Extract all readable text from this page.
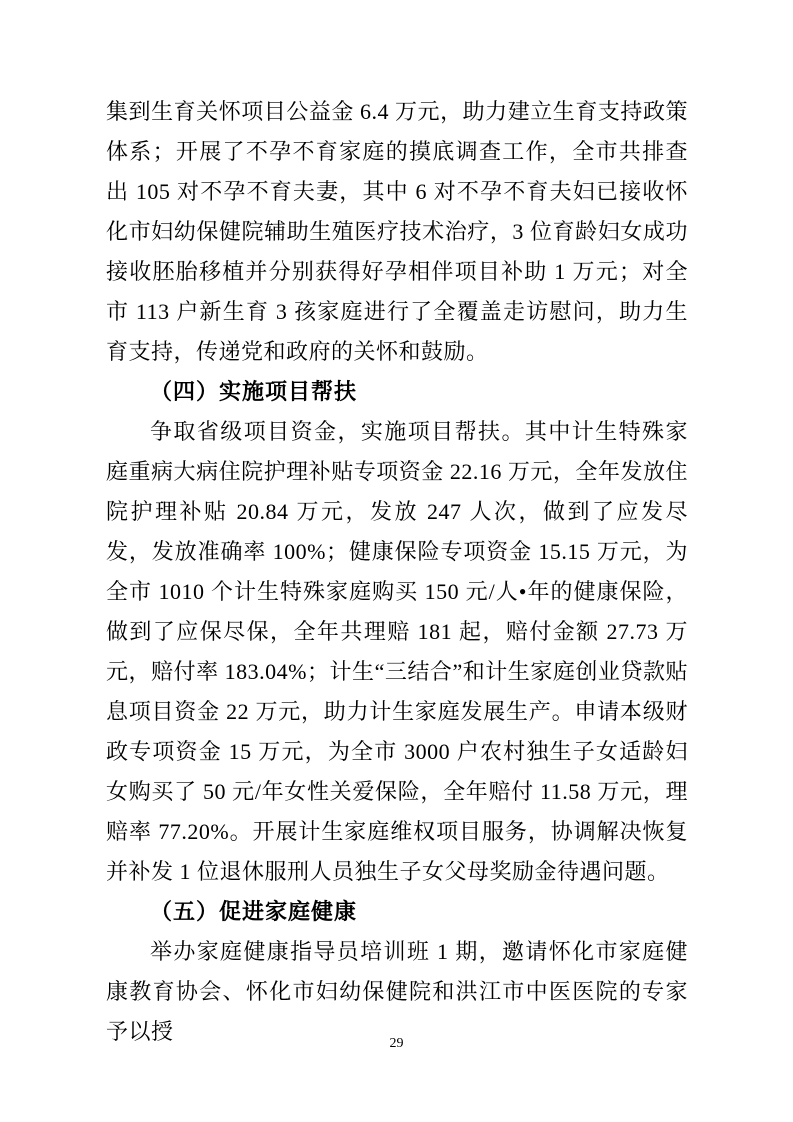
集到生育关怀项目公益金 6.4 万元，助力建立生育支持政策体系；开展了不孕不育家庭的摸底调查工作，全市共排查出 105 对不孕不育夫妻，其中 6 对不孕不育夫妇已接收怀化市妇幼保健院辅助生殖医疗技术治疗，3 位育龄妇女成功接收胚胎移植并分别获得好孕相伴项目补助 1 万元；对全市 113 户新生育 3 孩家庭进行了全覆盖走访慰问，助力生育支持，传递党和政府的关怀和鼓励。

（四）实施项目帮扶

争取省级项目资金，实施项目帮扶。其中计生特殊家庭重病大病住院护理补贴专项资金 22.16 万元，全年发放住院护理补贴 20.84 万元，发放 247 人次，做到了应发尽发，发放准确率 100%；健康保险专项资金 15.15 万元，为全市 1010 个计生特殊家庭购买 150 元/人•年的健康保险，做到了应保尽保，全年共理赔 181 起，赔付金额 27.73 万元，赔付率 183.04%；计生“三结合”和计生家庭创业贷款贴息项目资金 22 万元，助力计生家庭发展生产。申请本级财政专项资金 15 万元，为全市 3000 户农村独生子女适龄妇女购买了 50 元/年女性关爱保险，全年赔付 11.58 万元，理赔率 77.20%。开展计生家庭维权项目服务，协调解决恢复并补发 1 位退休服刑人员独生子女父母奖励金待遇问题。

（五）促进家庭健康

举办家庭健康指导员培训班 1 期，邀请怀化市家庭健康教育协会、怀化市妇幼保健院和洪江市中医医院的专家予以授	29
